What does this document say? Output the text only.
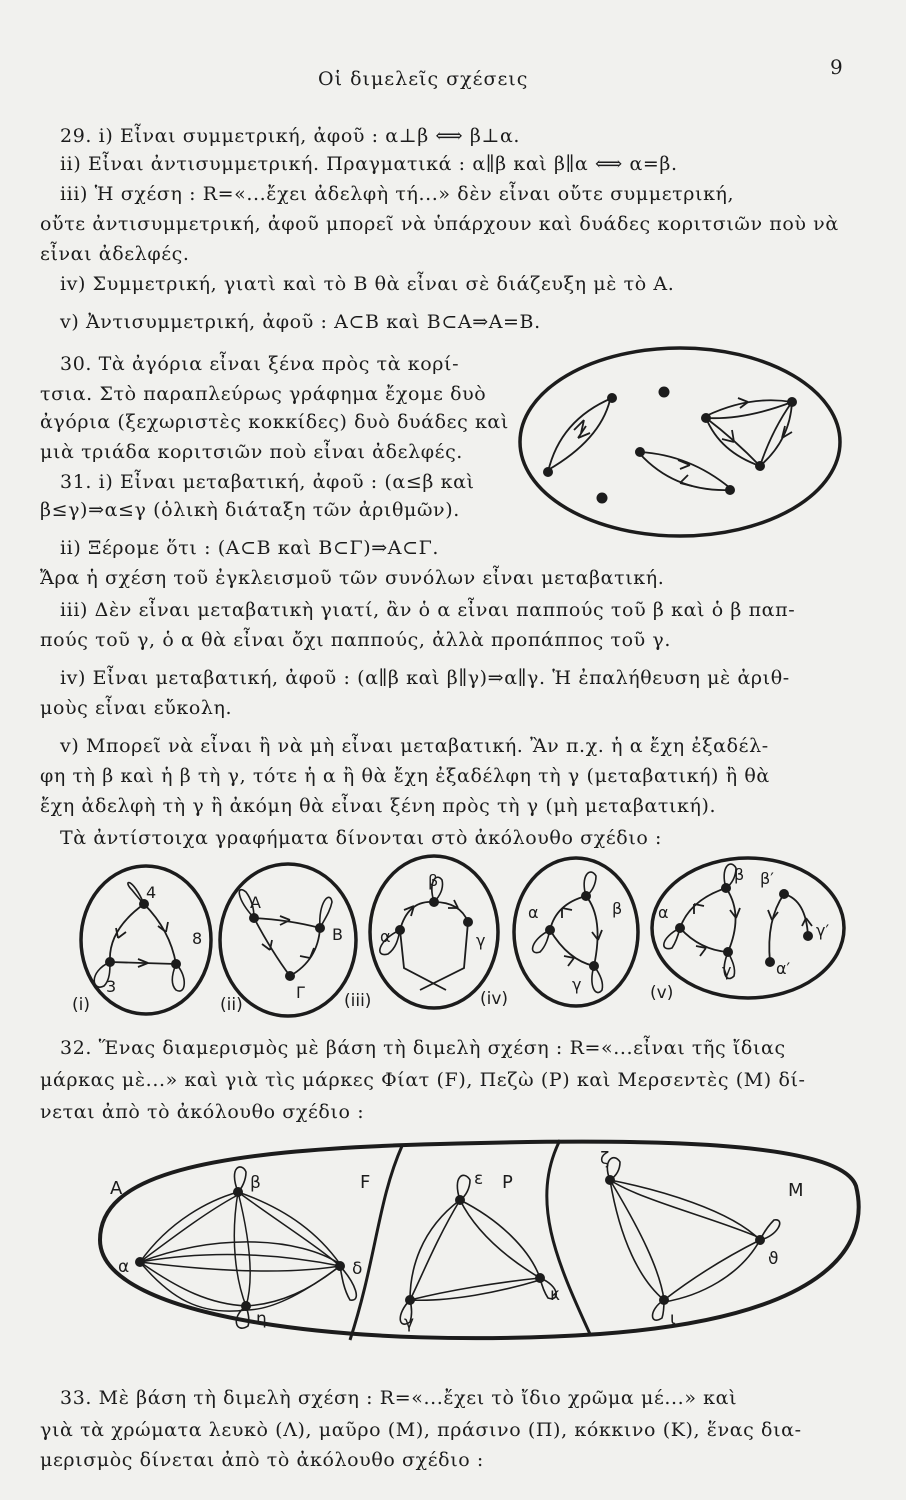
Οἱ διμελεῖς σχέσεις	9
29. i) Εἶναι συμμετρική, ἀφοῦ : α⊥β ⟺ β⊥α.
ii) Εἶναι ἀντισυμμετρική. Πραγματικά : α∥β καὶ β∥α ⟺ α=β.
iii) Ἡ σχέση : R=«...ἔχει ἀδελφὴ τή...» δὲν εἶναι οὔτε συμμετρική,
οὔτε ἀντισυμμετρική, ἀφοῦ μπορεῖ νὰ ὑπάρχουν καὶ δυάδες κοριτσιῶν ποὺ νὰ
εἶναι ἀδελφές.
iv) Συμμετρική, γιατὶ καὶ τὸ Β θὰ εἶναι σὲ διάζευξη μὲ τὸ Α.
v) Ἀντισυμμετρική, ἀφοῦ : Α⊂Β καὶ Β⊂Α⇒Α=Β.
30. Τὰ ἀγόρια εἶναι ξένα πρὸς τὰ κορί-
τσια. Στὸ παραπλεύρως γράφημα ἔχομε δυὸ
ἀγόρια (ξεχωριστὲς κοκκίδες) δυὸ δυάδες καὶ
μιὰ τριάδα κοριτσιῶν ποὺ εἶναι ἀδελφές.
31. i) Εἶναι μεταβατική, ἀφοῦ : (α≤β καὶ
β≤γ)⇒α≤γ (ὁλικὴ διάταξη τῶν ἀριθμῶν).
ii) Ξέρομε ὅτι : (Α⊂Β καὶ Β⊂Γ)⇒Α⊂Γ.
Ἄρα ἡ σχέση τοῦ ἐγκλεισμοῦ τῶν συνόλων εἶναι μεταβατική.
iii) Δὲν εἶναι μεταβατικὴ γιατί, ἂν ὁ α εἶναι παππούς τοῦ β καὶ ὁ β παπ-
πούς τοῦ γ, ὁ α θὰ εἶναι ὄχι παππούς, ἀλλὰ προπάππος τοῦ γ.
iv) Εἶναι μεταβατική, ἀφοῦ : (α∥β καὶ β∥γ)⇒α∥γ. Ἡ ἐπαλήθευση μὲ ἀριθ-
μοὺς εἶναι εὔκολη.
v) Μπορεῖ νὰ εἶναι ἢ νὰ μὴ εἶναι μεταβατική. Ἂν π.χ. ἡ α ἔχη ἐξαδέλ-
φη τὴ β καὶ ἡ β τὴ γ, τότε ἡ α ἢ θὰ ἔχη ἐξαδέλφη τὴ γ (μεταβατική) ἢ θὰ
ἔχη ἀδελφὴ τὴ γ ἢ ἀκόμη θὰ εἶναι ξένη πρὸς τὴ γ (μὴ μεταβατική).
Τὰ ἀντίστοιχα γραφήματα δίνονται στὸ ἀκόλουθο σχέδιο :
32. Ἕνας διαμερισμὸς μὲ βάση τὴ διμελὴ σχέση : R=«...εἶναι τῆς ἴδιας
μάρκας μὲ...» καὶ γιὰ τὶς μάρκες Φίατ (F), Πεζὼ (P) καὶ Μερσεντὲς (Μ) δί-
νεται ἀπὸ τὸ ἀκόλουθο σχέδιο :
33. Μὲ βάση τὴ διμελὴ σχέση : R=«...ἔχει τὸ ἴδιο χρῶμα μέ...» καὶ
γιὰ τὰ χρώματα λευκὸ (Λ), μαῦρο (Μ), πράσινο (Π), κόκκινο (Κ), ἕνας δια-
μερισμὸς δίνεται ἀπὸ τὸ ἀκόλουθο σχέδιο :
4
8
3
(i)
Α
Β
Γ
(ii)
β
α	γ
(iii)
α	β
γ
(iv)
α
β
γ
β′
γ′
α′
(v)
Α
α
β
δ
η
F	ε
γ
κ
P	Μ
ζ
ϑ
ι
